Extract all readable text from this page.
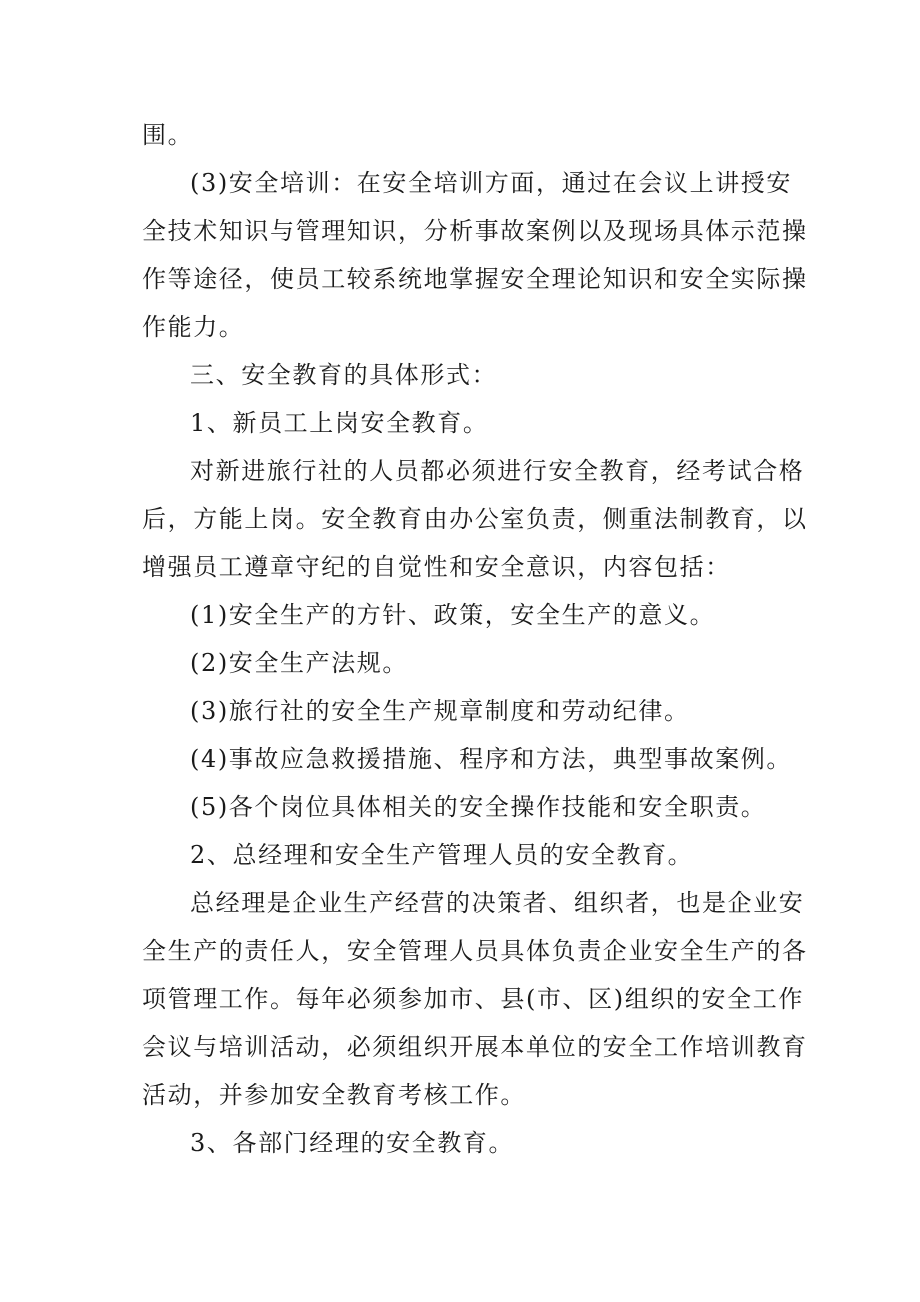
围。
(3)安全培训：在安全培训方面，通过在会议上讲授安
全技术知识与管理知识，分析事故案例以及现场具体示范操
作等途径，使员工较系统地掌握安全理论知识和安全实际操
作能力。
三、安全教育的具体形式：
1、新员工上岗安全教育。
对新进旅行社的人员都必须进行安全教育，经考试合格
后，方能上岗。安全教育由办公室负责，侧重法制教育，以
增强员工遵章守纪的自觉性和安全意识，内容包括：
(1)安全生产的方针、政策，安全生产的意义。
(2)安全生产法规。
(3)旅行社的安全生产规章制度和劳动纪律。
(4)事故应急救援措施、程序和方法，典型事故案例。
(5)各个岗位具体相关的安全操作技能和安全职责。
2、总经理和安全生产管理人员的安全教育。
总经理是企业生产经营的决策者、组织者，也是企业安
全生产的责任人，安全管理人员具体负责企业安全生产的各
项管理工作。每年必须参加市、县(市、区)组织的安全工作
会议与培训活动，必须组织开展本单位的安全工作培训教育
活动，并参加安全教育考核工作。
3、各部门经理的安全教育。
